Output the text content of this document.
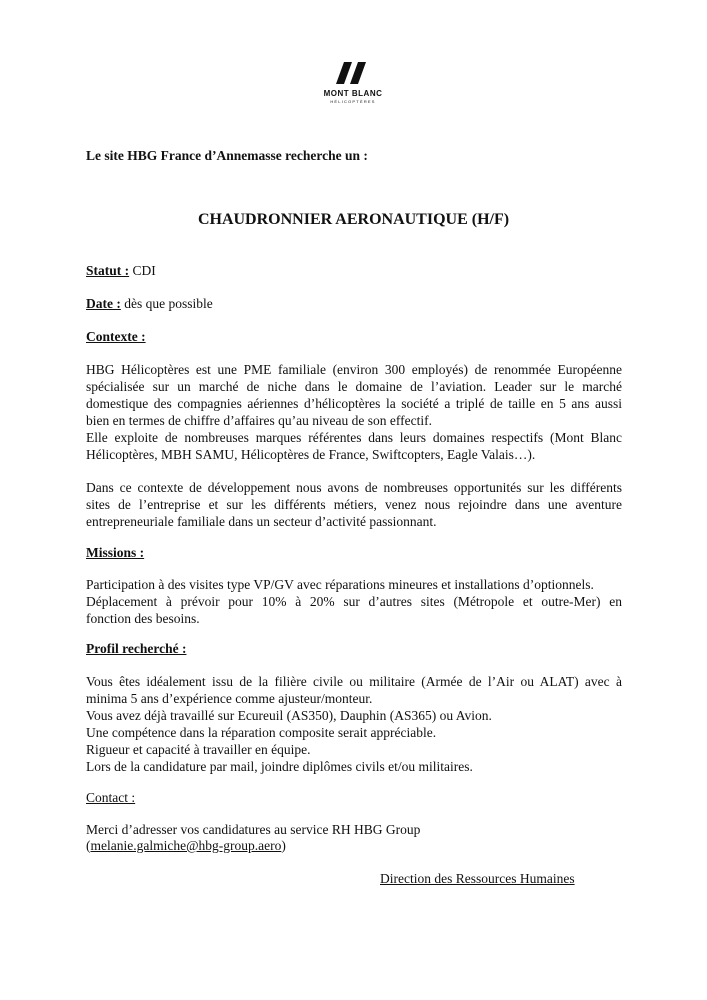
MONT BLANC
HÉLICOPTÈRES
Le site HBG France d’Annemasse recherche un :
CHAUDRONNIER AERONAUTIQUE (H/F)
Statut : CDI
Date : dès que possible
Contexte :
HBG Hélicoptères est une PME familiale (environ 300 employés) de renommée Européenne
spécialisée sur un marché de niche dans le domaine de l’aviation. Leader sur le marché
domestique des compagnies aériennes d’hélicoptères la société a triplé de taille en 5 ans aussi
bien en termes de chiffre d’affaires qu’au niveau de son effectif.
Elle exploite de nombreuses marques référentes dans leurs domaines respectifs (Mont Blanc
Hélicoptères, MBH SAMU, Hélicoptères de France, Swiftcopters, Eagle Valais…).
Dans ce contexte de développement nous avons de nombreuses opportunités sur les différents
sites de l’entreprise et sur les différents métiers, venez nous rejoindre dans une aventure
entrepreneuriale familiale dans un secteur d’activité passionnant.
Missions :
Participation à des visites type VP/GV avec réparations mineures et installations d’optionnels.
Déplacement à prévoir pour 10% à 20% sur d’autres sites (Métropole et outre-Mer) en
fonction des besoins.
Profil recherché :
Vous êtes idéalement issu de la filière civile ou militaire (Armée de l’Air ou ALAT) avec à
minima 5 ans d’expérience comme ajusteur/monteur.
Vous avez déjà travaillé sur Ecureuil (AS350), Dauphin (AS365) ou Avion.
Une compétence dans la réparation composite serait appréciable.
Rigueur et capacité à travailler en équipe.
Lors de la candidature par mail, joindre diplômes civils et/ou militaires.
Contact :
Merci d’adresser vos candidatures au service RH HBG Group
(melanie.galmiche@hbg-group.aero)
Direction des Ressources Humaines
